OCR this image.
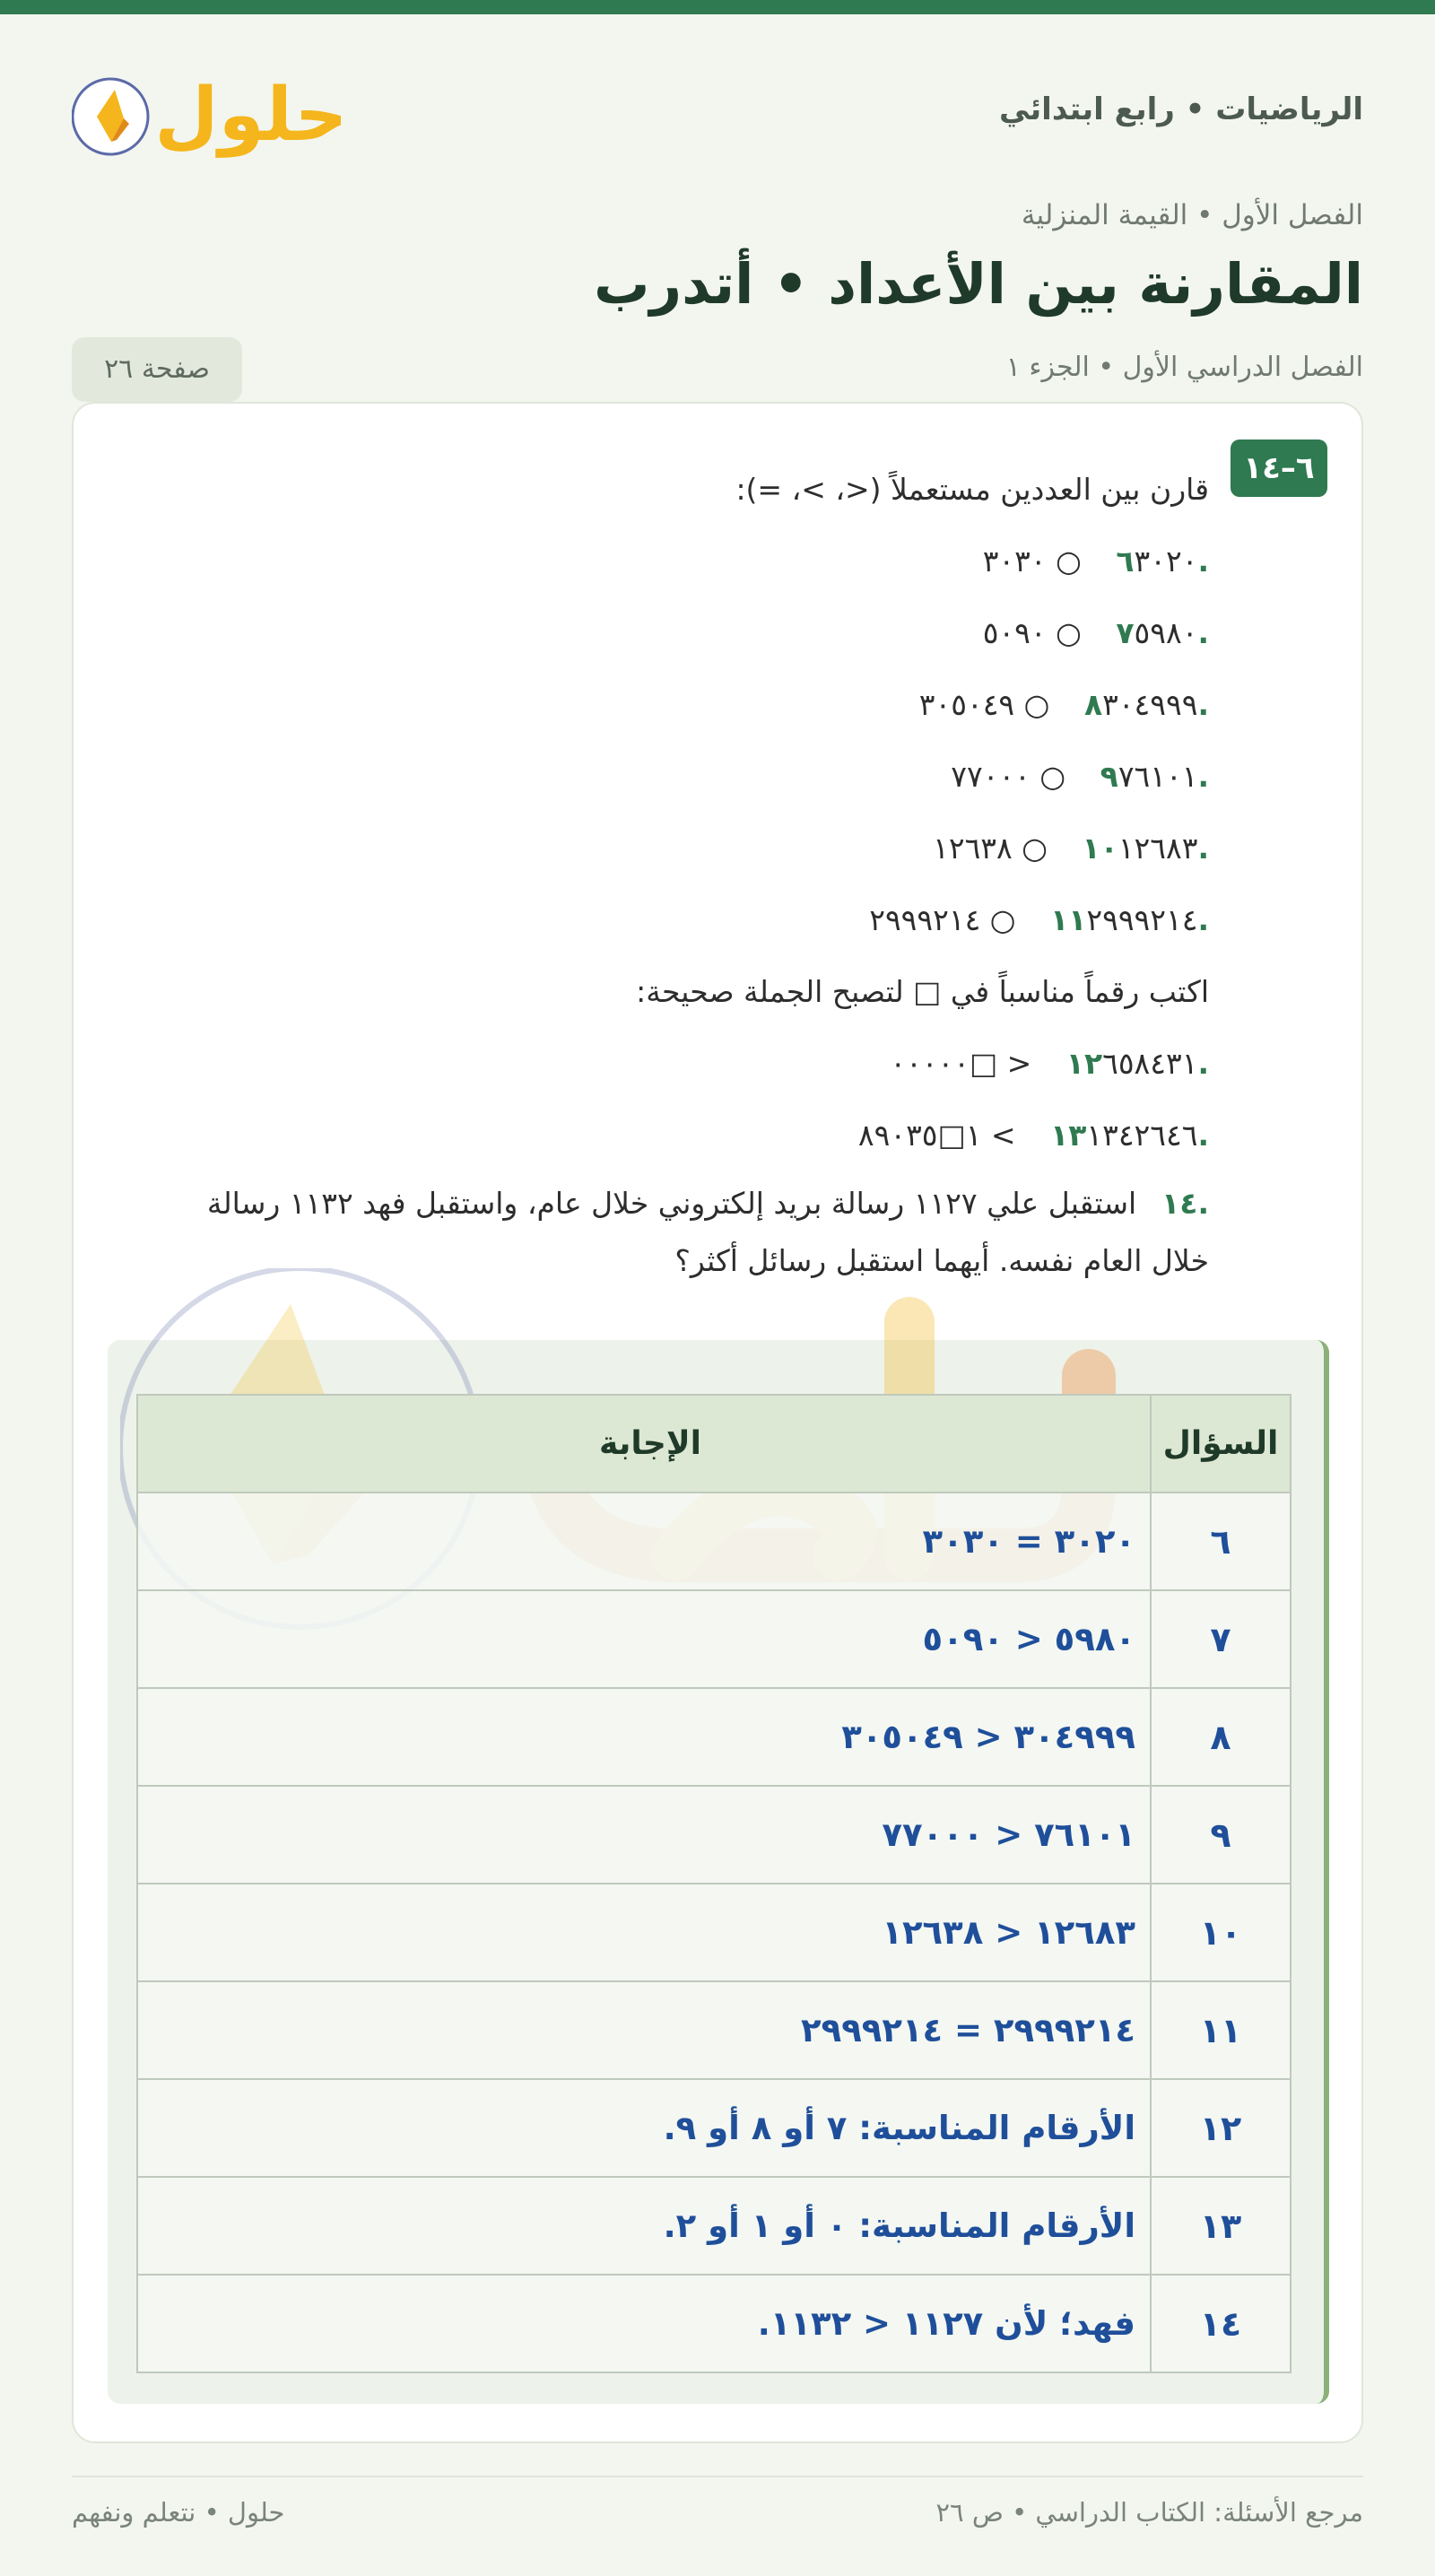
الرياضيات • رابع ابتدائي
حلول
الفصل الأول • القيمة المنزلية
المقارنة بين الأعداد • أتدرب
الفصل الدراسي الأول • الجزء ١
صفحة ٢٦
٦–١٤
قارن بين العددين مستعملاً (<، >، =):
.٦٣٠٢٠ ○ ٣٠٣٠
.٧٥٩٨٠ ○ ٥٠٩٠
.٨٣٠٤٩٩٩ ○ ٣٠٥٠٤٩
.٩٧٦١٠١ ○ ٧٧٠٠٠
.١٠١٢٦٨٣ ○ ١٢٦٣٨
.١١٢٩٩٩٢١٤ ○ ٢٩٩٩٢١٤
اكتب رقماً مناسباً في □ لتصبح الجملة صحيحة:
.١٢٦٥٨٤٣١ < □٠٠٠٠٠
.١٣١٣٤٢٦٤٦ > ١□٨٩٠٣٥
.١٤استقبل علي ١١٢٧ رسالة بريد إلكتروني خلال عام، واستقبل فهد ١١٣٢ رسالة خلال العام نفسه. أيهما استقبل رسائل أكثر؟
السؤال	الإجابة
٦	٣٠٢٠ = ٣٠٣٠
٧	٥٩٨٠ < ٥٠٩٠
٨	٣٠٤٩٩٩ < ٣٠٥٠٤٩
٩	٧٦١٠١ < ٧٧٠٠٠
١٠	١٢٦٨٣ < ١٢٦٣٨
١١	٢٩٩٩٢١٤ = ٢٩٩٩٢١٤
١٢	الأرقام المناسبة: ٧ أو ٨ أو ٩.
١٣	الأرقام المناسبة: ٠ أو ١ أو ٢.
١٤	فهد؛ لأن ١١٢٧ < ١١٣٢.
مرجع الأسئلة: الكتاب الدراسي • ص ٢٦
حلول • نتعلم ونفهم
